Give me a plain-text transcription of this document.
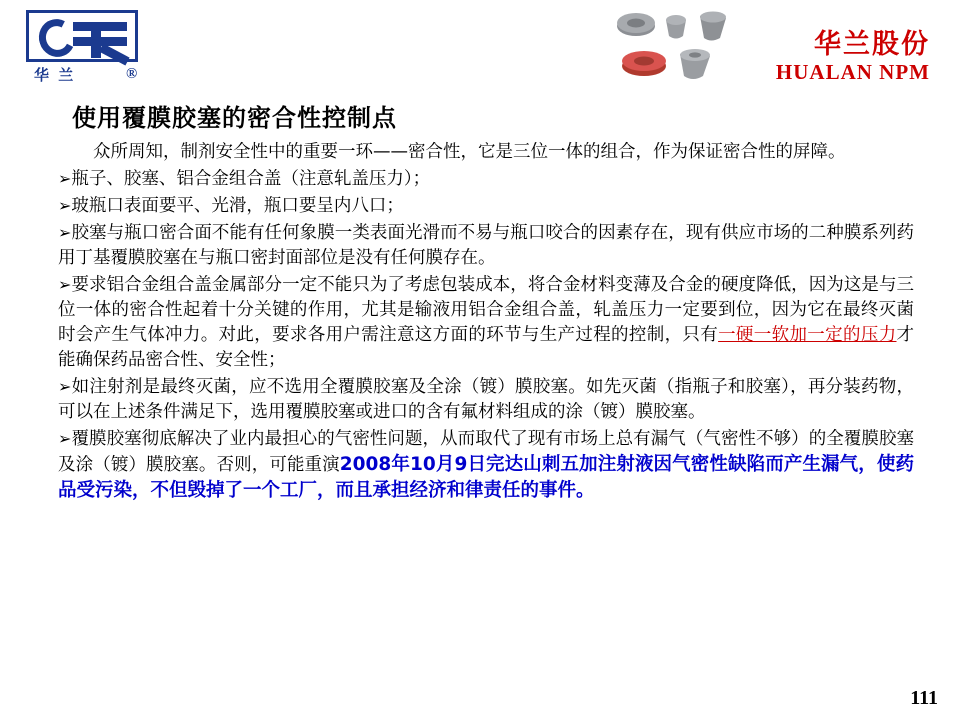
华 兰	®
华兰股份
HUALAN NPM
使用覆膜胶塞的密合性控制点

众所周知，制剂安全性中的重要一环——密合性，它是三位一体的组合，作为保证密合性的屏障。

➢瓶子、胶塞、铝合金组合盖（注意轧盖压力）；

➢玻瓶口表面要平、光滑，瓶口要呈内八口；

➢胶塞与瓶口密合面不能有任何象膜一类表面光滑而不易与瓶口咬合的因素存在，现有供应市场的二种膜系列药用丁基覆膜胶塞在与瓶口密封面部位是没有任何膜存在。

➢要求铝合金组合盖金属部分一定不能只为了考虑包装成本，将合金材料变薄及合金的硬度降低，因为这是与三位一体的密合性起着十分关键的作用，尤其是输液用铝合金组合盖，轧盖压力一定要到位，因为它在最终灭菌时会产生气体冲力。对此，要求各用户需注意这方面的环节与生产过程的控制，只有一硬一软加一定的压力才能确保药品密合性、安全性；

➢如注射剂是最终灭菌，应不选用全覆膜胶塞及全涂（镀）膜胶塞。如先灭菌（指瓶子和胶塞），再分装药物，可以在上述条件满足下，选用覆膜胶塞或进口的含有氟材料组成的涂（镀）膜胶塞。

➢覆膜胶塞彻底解决了业内最担心的气密性问题，从而取代了现有市场上总有漏气（气密性不够）的全覆膜胶塞及涂（镀）膜胶塞。否则，可能重演2008年10月9日完达山刺五加注射液因气密性缺陷而产生漏气，使药品受污染，不但毁掉了一个工厂，而且承担经济和律责任的事件。

111
